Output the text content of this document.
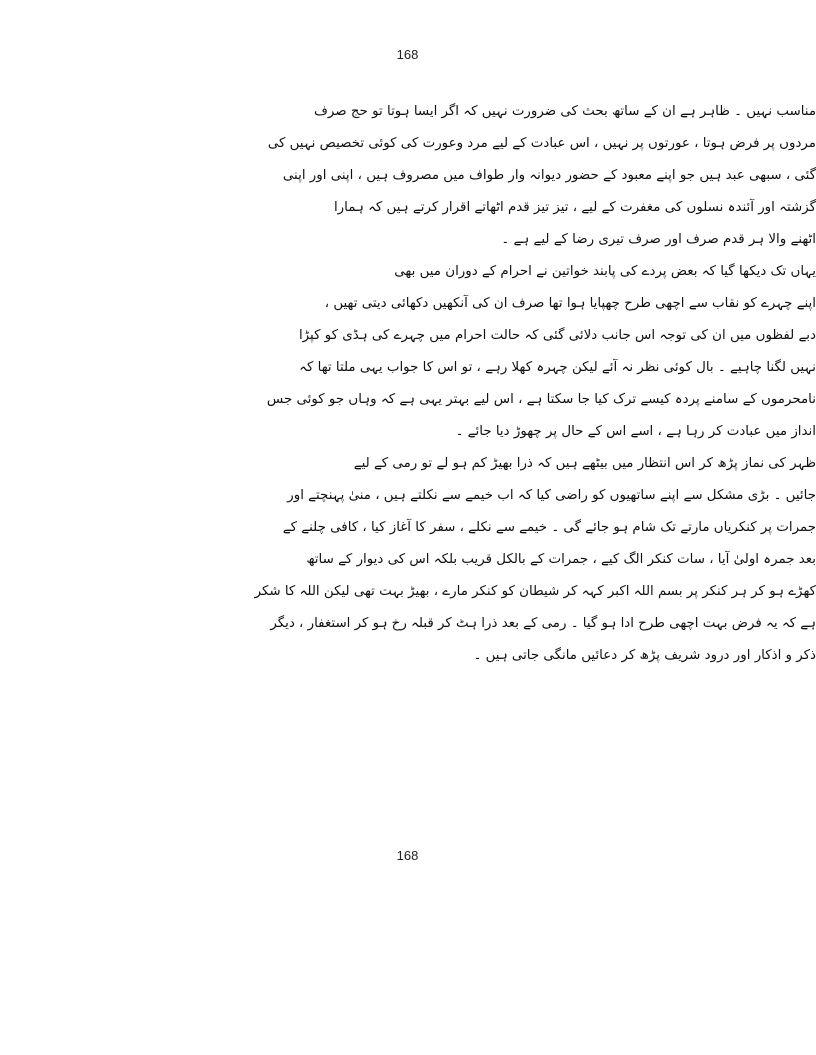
168
مناسب نہیں ۔ ظاہر ہے ان کے ساتھ بحث کی ضرورت نہیں کہ اگر ایسا ہوتا تو حج صرف
مردوں پر فرض ہوتا ، عورتوں پر نہیں ، اس عبادت کے لیے مرد وعورت کی کوئی تخصیص نہیں کی
گئی ، سبھی عبد ہیں جو اپنے معبود کے حضور دیوانہ وار طواف میں مصروف ہیں ، اپنی اور اپنی
گزشتہ اور آئندہ نسلوں کی مغفرت کے لیے ، تیز تیز قدم اٹھاتے اقرار کرتے ہیں کہ ہمارا
اٹھنے والا ہر قدم صرف اور صرف تیری رضا کے لیے ہے ۔
یہاں تک دیکھا گیا کہ بعض پردے کی پابند خواتین نے احرام کے دوران میں بھی
اپنے چہرے کو نقاب سے اچھی طرح چھپایا ہوا تھا صرف ان کی آنکھیں دکھائی دیتی تھیں ،
دبے لفظوں میں ان کی توجہ اس جانب دلائی گئی کہ حالت احرام میں چہرے کی ہڈی کو کپڑا
نہیں لگنا چاہیے ۔ بال کوئی نظر نہ آئے لیکن چہرہ کھلا رہے ، تو اس کا جواب یہی ملتا تھا کہ
نامحرموں کے سامنے پردہ کیسے ترک کیا جا سکتا ہے ، اس لیے بہتر یہی ہے کہ وہاں جو کوئی جس
انداز میں عبادت کر رہا ہے ، اسے اس کے حال پر چھوڑ دیا جائے ۔
ظہر کی نماز پڑھ کر اس انتظار میں بیٹھے ہیں کہ ذرا بھیڑ کم ہو لے تو رمی کے لیے
جائیں ۔ بڑی مشکل سے اپنے ساتھیوں کو راضی کیا کہ اب خیمے سے نکلتے ہیں ، منیٰ پہنچتے اور
جمرات پر کنکریاں مارتے تک شام ہو جائے گی ۔ خیمے سے نکلے ، سفر کا آغاز کیا ، کافی چلنے کے
بعد جمرہ اولیٰ آیا ، سات کنکر الگ کیے ، جمرات کے بالکل قریب بلکہ اس کی دیوار کے ساتھ
کھڑے ہو کر ہر کنکر پر بسم اللہ اکبر کہہ کر شیطان کو کنکر مارے ، بھیڑ بہت تھی لیکن اللہ کا شکر
ہے کہ یہ فرض بہت اچھی طرح ادا ہو گیا ۔ رمی کے بعد ذرا ہٹ کر قبلہ رخ ہو کر استغفار ، دیگر
ذکر و اذکار اور درود شریف پڑھ کر دعائیں مانگی جاتی ہیں ۔
168
